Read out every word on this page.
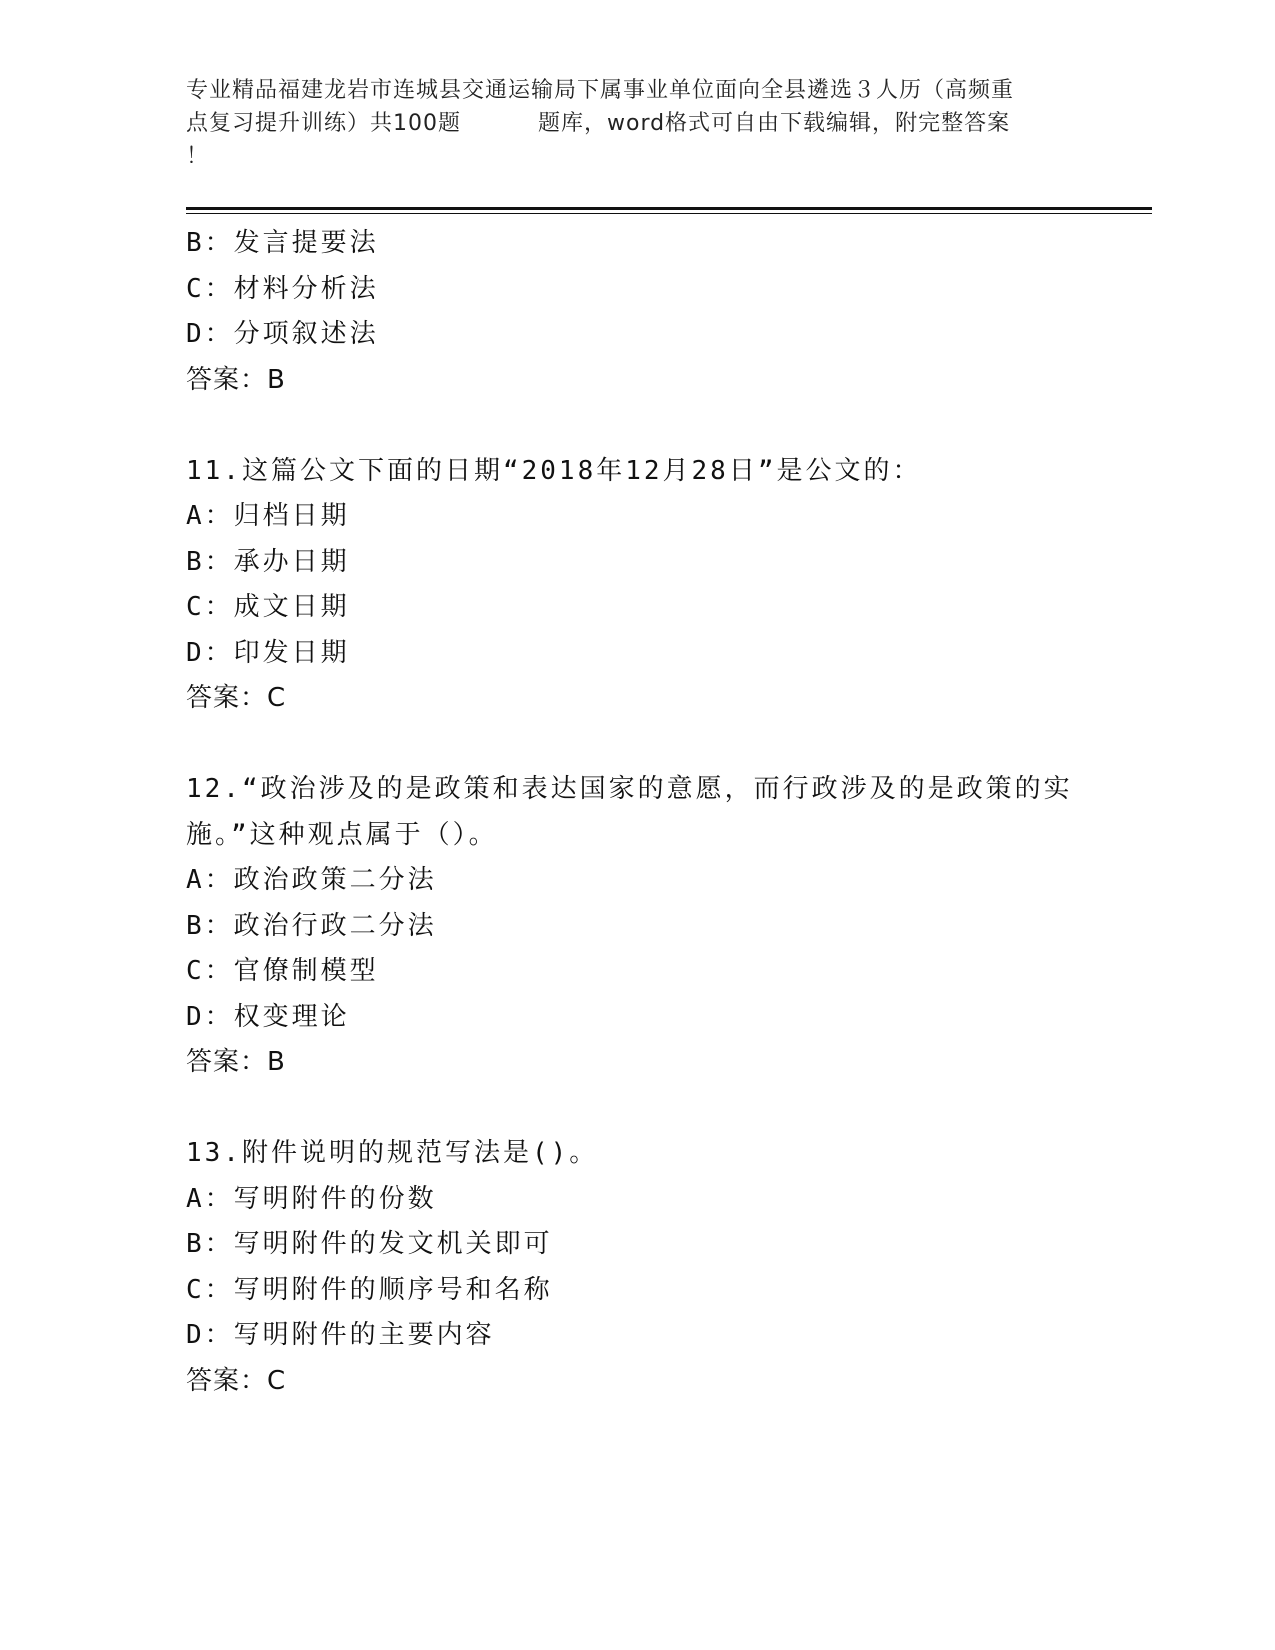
专业精品福建龙岩市连城县交通运输局下属事业单位面向全县遴选３人历（高频重
点复习提升训练）共100题　　　 题库，word格式可自由下载编辑，附完整答案
！
B：发言提要法
C：材料分析法
D：分项叙述法
答案：B
11.这篇公文下面的日期“2018年12月28日”是公文的：
A：归档日期
B：承办日期
C：成文日期
D：印发日期
答案：C
12.“政治涉及的是政策和表达国家的意愿，而行政涉及的是政策的实
施。”这种观点属于（）。
A：政治政策二分法
B：政治行政二分法
C：官僚制模型
D：权变理论
答案：B
13.附件说明的规范写法是()。
A：写明附件的份数
B：写明附件的发文机关即可
C：写明附件的顺序号和名称
D：写明附件的主要内容
答案：C
